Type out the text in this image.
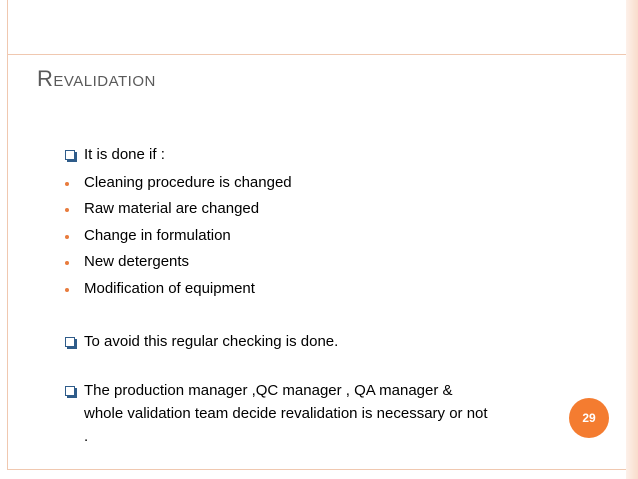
Revalidation
It is done if :
Cleaning procedure is changed
Raw material are changed
Change in formulation
New detergents
Modification of equipment
To avoid this regular checking is done.
The production manager ,QC manager , QA manager &
whole validation team decide revalidation is necessary or not
.
29
